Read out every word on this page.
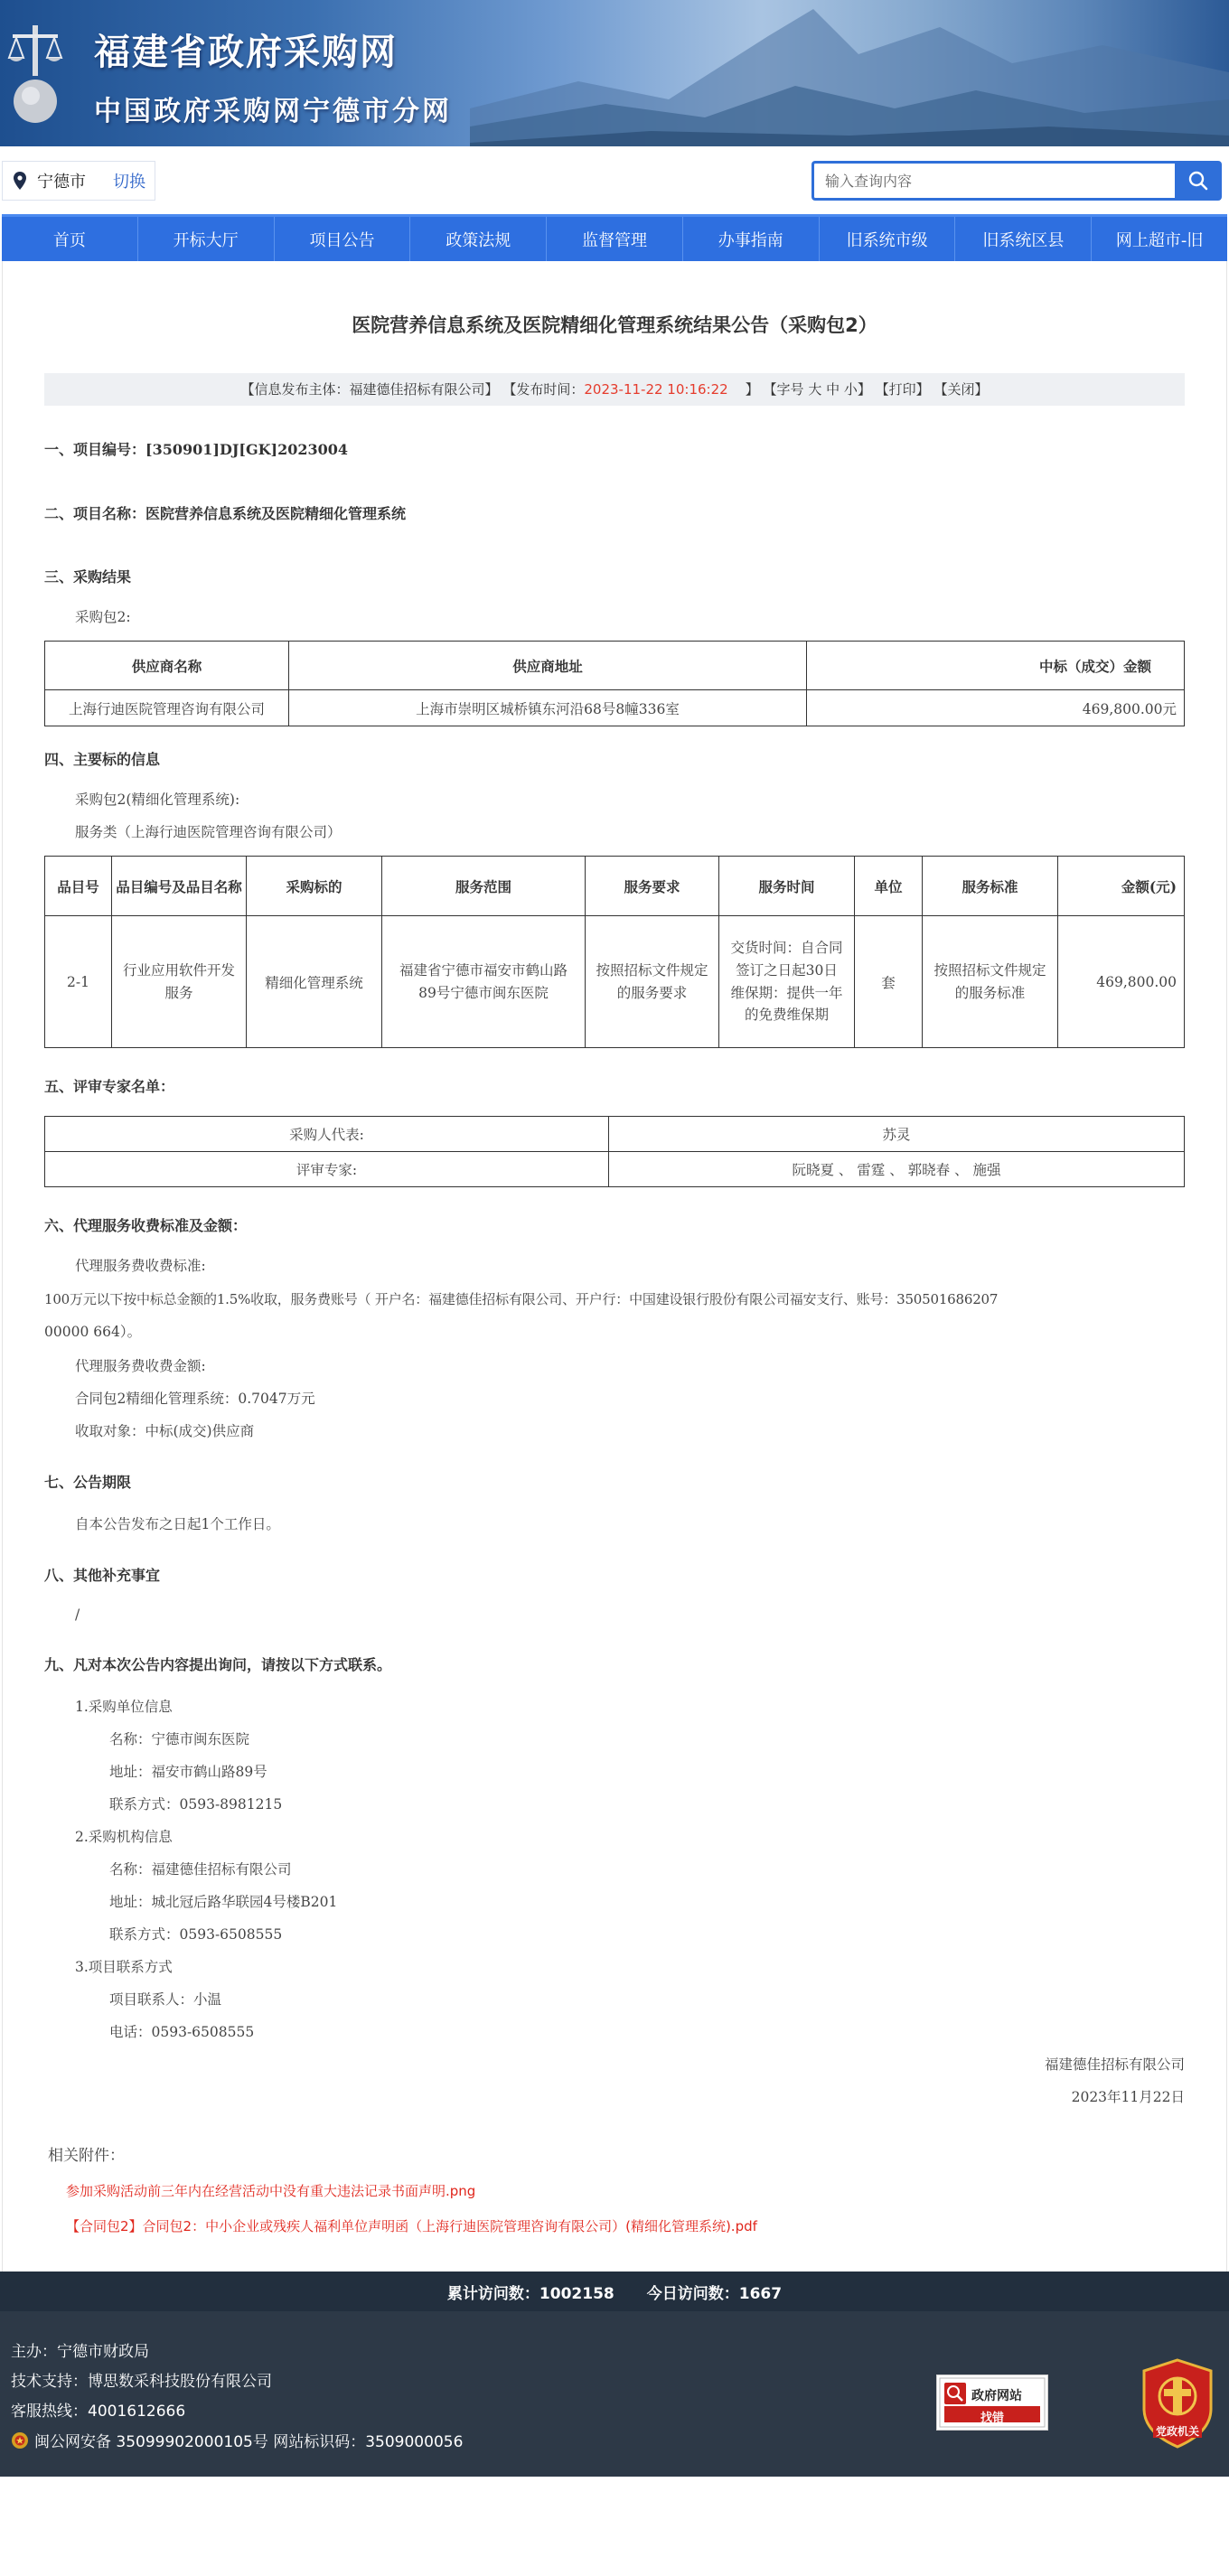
福建省政府采购网
中国政府采购网宁德市分网
宁德市 切换
输入查询内容
首页	开标大厅	项目公告	政策法规	监督管理	办事指南	旧系统市级	旧系统区县	网上超市-旧
医院营养信息系统及医院精细化管理系统结果公告（采购包2）
【信息发布主体：福建德佳招标有限公司】 【发布时间：2023-11-22 10:16:22 】 【字号 大 中 小】 【打印】 【关闭】
一、项目编号：[350901]DJ[GK]2023004
二、项目名称：医院营养信息系统及医院精细化管理系统
三、采购结果
采购包2:
供应商名称	供应商地址	中标（成交）金额
上海行迪医院管理咨询有限公司	上海市崇明区城桥镇东河沿68号8幢336室	469,800.00元
四、主要标的信息
采购包2(精细化管理系统):
服务类（上海行迪医院管理咨询有限公司）
品目号	品目编号及品目名称	采购标的	服务范围	服务要求	服务时间	单位	服务标准	金额(元)
2-1	行业应用软件开发服务	精细化管理系统	福建省宁德市福安市鹤山路89号宁德市闽东医院	按照招标文件规定的服务要求	交货时间：自合同签订之日起30日 维保期：提供一年的免费维保期	套	按照招标文件规定的服务标准	469,800.00
五、评审专家名单：
采购人代表:	苏灵
评审专家:	阮晓夏 、 雷霆 、 郭晓春 、 施强
六、代理服务收费标准及金额：
代理服务费收费标准:
100万元以下按中标总金额的1.5%收取，服务费账号（ 开户名：福建德佳招标有限公司、开户行：中国建设银行股份有限公司福安支行、账号：350501686207
00000 664）。
代理服务费收费金额:
合同包2精细化管理系统：0.7047万元
收取对象：中标(成交)供应商
七、公告期限
自本公告发布之日起1个工作日。
八、其他补充事宜
/
九、凡对本次公告内容提出询问，请按以下方式联系。
1.采购单位信息
名称：宁德市闽东医院
地址：福安市鹤山路89号
联系方式：0593-8981215
2.采购机构信息
名称：福建德佳招标有限公司
地址：城北冠后路华联园4号楼B201
联系方式：0593-6508555
3.项目联系方式
项目联系人：小温
电话：0593-6508555
福建德佳招标有限公司
2023年11月22日
相关附件：
参加采购活动前三年内在经营活动中没有重大违法记录书面声明.png
【合同包2】合同包2：中小企业或残疾人福利单位声明函（上海行迪医院管理咨询有限公司）(精细化管理系统).pdf
累计访问数：1002158 今日访问数：1667
主办：宁德市财政局
技术支持：博思数采科技股份有限公司
客服热线：4001612666
闽公网安备 35099902000105号 网站标识码：3509000056
政府网站
找错
党政机关
